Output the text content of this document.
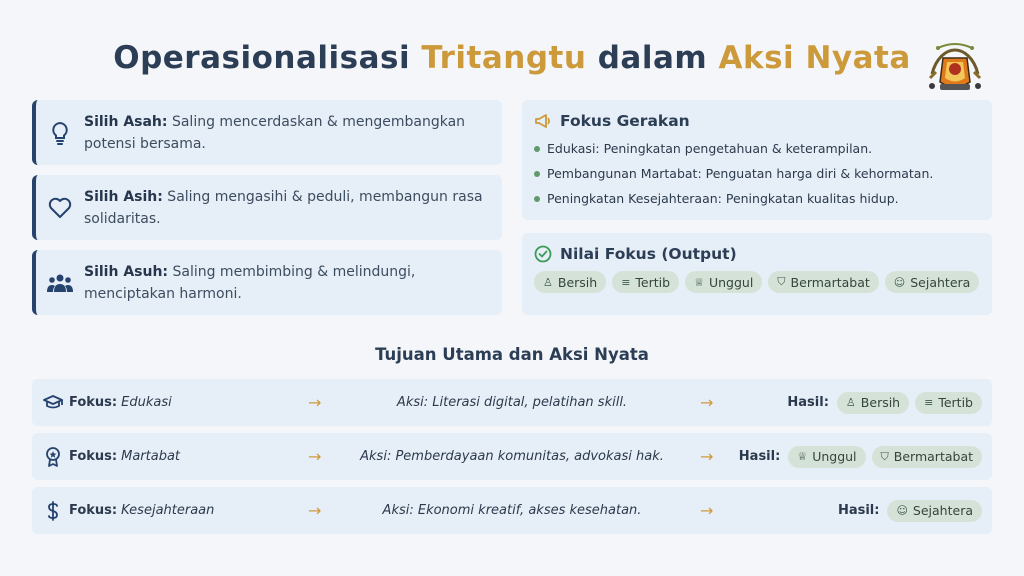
Operasionalisasi Tritangtu dalam Aksi Nyata
Silih Asah: Saling mencerdaskan & mengembangkan potensi bersama.
Silih Asih: Saling mengasihi & peduli, membangun rasa solidaritas.
Silih Asuh: Saling membimbing & melindungi, menciptakan harmoni.
Fokus Gerakan
Edukasi: Peningkatan pengetahuan & keterampilan.
Pembangunan Martabat: Penguatan harga diri & kehormatan.
Peningkatan Kesejahteraan: Peningkatan kualitas hidup.
Nilai Fokus (Output)
♙ Bersih ≡ Tertib ♕ Unggul ⛉ Bermartabat ☺ Sejahtera
Tujuan Utama dan Aksi Nyata
Fokus: Edukasi	→	Aksi: Literasi digital, pelatihan skill.	→	Hasil: ♙ Bersih ≡ Tertib
Fokus: Martabat	→	Aksi: Pemberdayaan komunitas, advokasi hak.	→ Hasil: ♕ Unggul ⛉ Bermartabat
Fokus: Kesejahteraan	→	Aksi: Ekonomi kreatif, akses kesehatan.	→	Hasil: ☺ Sejahtera
